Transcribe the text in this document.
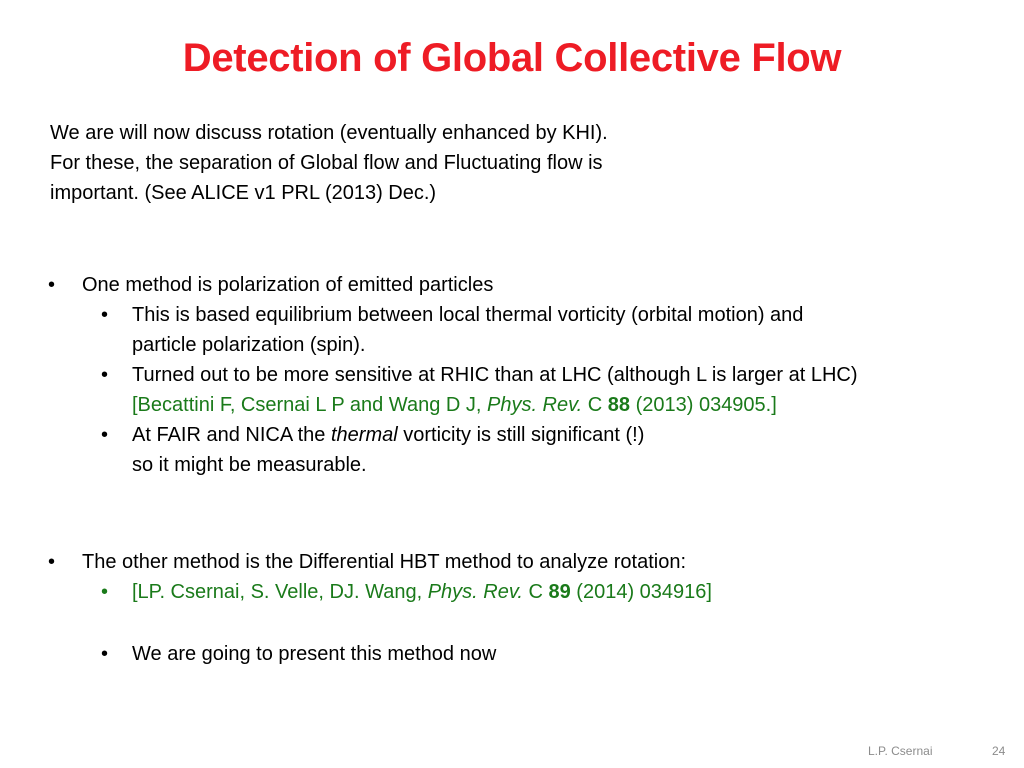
Detection of Global Collective Flow
We are will now discuss rotation (eventually enhanced by KHI).
For these, the separation of Global flow and Fluctuating flow is
important. (See ALICE v1 PRL (2013) Dec.)
• One method is polarization of emitted particles
• This is based equilibrium between local thermal vorticity (orbital motion) and
particle polarization (spin).
• Turned out to be more sensitive at RHIC than at LHC (although L is larger at LHC)
[Becattini F, Csernai L P and Wang D J, Phys. Rev. C 88 (2013) 034905.]
• At FAIR and NICA the thermal vorticity is still significant (!)
so it might be measurable.
• The other method is the Differential HBT method to analyze rotation:
• [LP. Csernai, S. Velle, DJ. Wang, Phys. Rev. C 89 (2014) 034916]
• We are going to present this method now
L.P. Csernai	24
